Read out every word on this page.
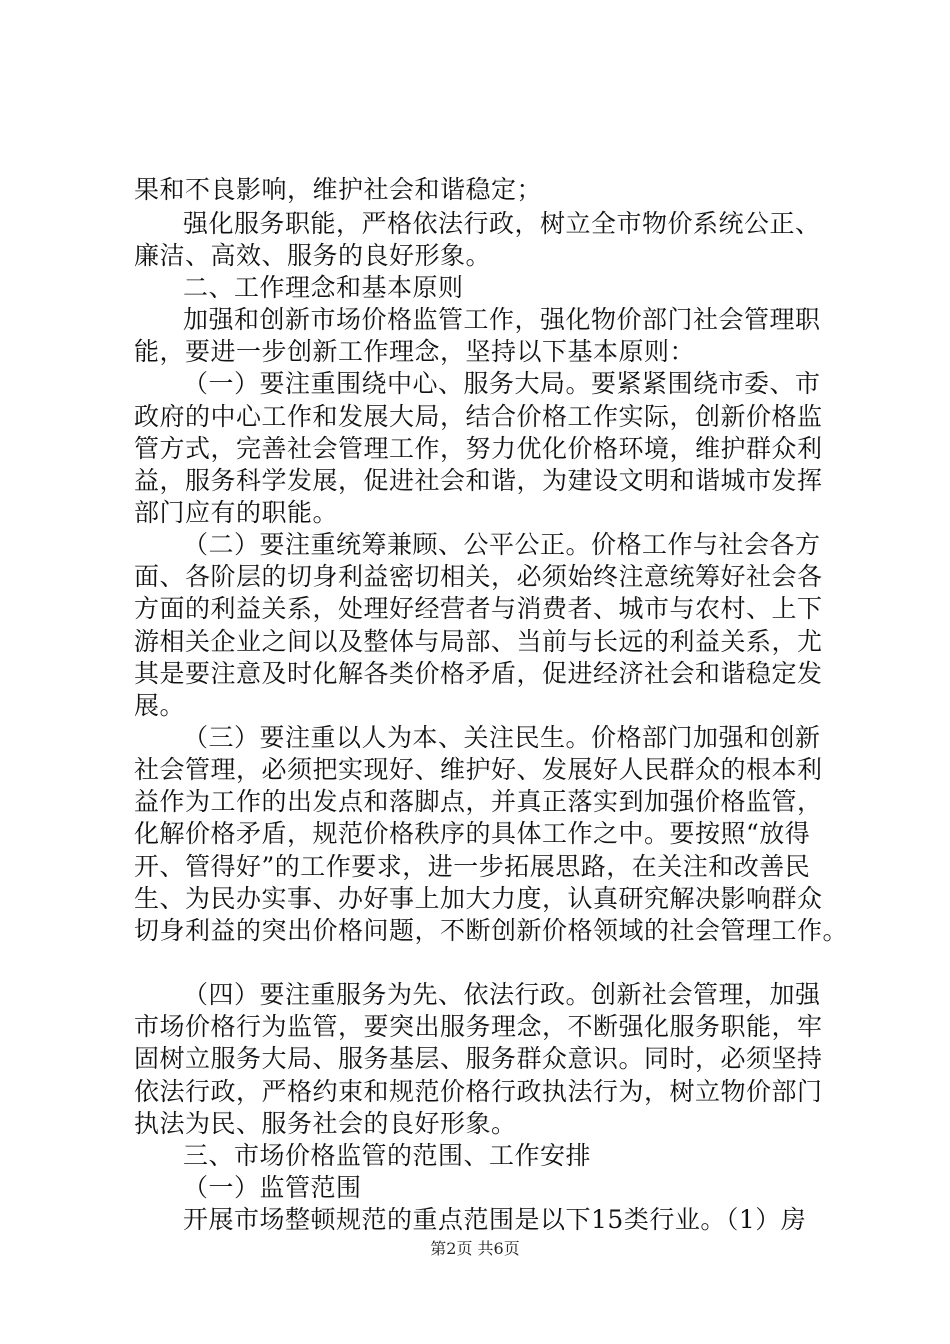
果和不良影响，维护社会和谐稳定；
强化服务职能，严格依法行政，树立全市物价系统公正、
廉洁、高效、服务的良好形象。
二、工作理念和基本原则
加强和创新市场价格监管工作，强化物价部门社会管理职
能，要进一步创新工作理念，坚持以下基本原则：
（一）要注重围绕中心、服务大局。要紧紧围绕市委、市
政府的中心工作和发展大局，结合价格工作实际，创新价格监
管方式，完善社会管理工作，努力优化价格环境，维护群众利
益，服务科学发展，促进社会和谐，为建设文明和谐城市发挥
部门应有的职能。
（二）要注重统筹兼顾、公平公正。价格工作与社会各方
面、各阶层的切身利益密切相关，必须始终注意统筹好社会各
方面的利益关系，处理好经营者与消费者、城市与农村、上下
游相关企业之间以及整体与局部、当前与长远的利益关系，尤
其是要注意及时化解各类价格矛盾，促进经济社会和谐稳定发
展。
（三）要注重以人为本、关注民生。价格部门加强和创新
社会管理，必须把实现好、维护好、发展好人民群众的根本利
益作为工作的出发点和落脚点，并真正落实到加强价格监管，
化解价格矛盾，规范价格秩序的具体工作之中。要按照“放得
开、管得好”的工作要求，进一步拓展思路，在关注和改善民
生、为民办实事、办好事上加大力度，认真研究解决影响群众
切身利益的突出价格问题，不断创新价格领域的社会管理工作。
（四）要注重服务为先、依法行政。创新社会管理，加强
市场价格行为监管，要突出服务理念，不断强化服务职能，牢
固树立服务大局、服务基层、服务群众意识。同时，必须坚持
依法行政，严格约束和规范价格行政执法行为，树立物价部门
执法为民、服务社会的良好形象。
三、市场价格监管的范围、工作安排
（一）监管范围
开展市场整顿规范的重点范围是以下15类行业。（1）房
第2页 共6页
